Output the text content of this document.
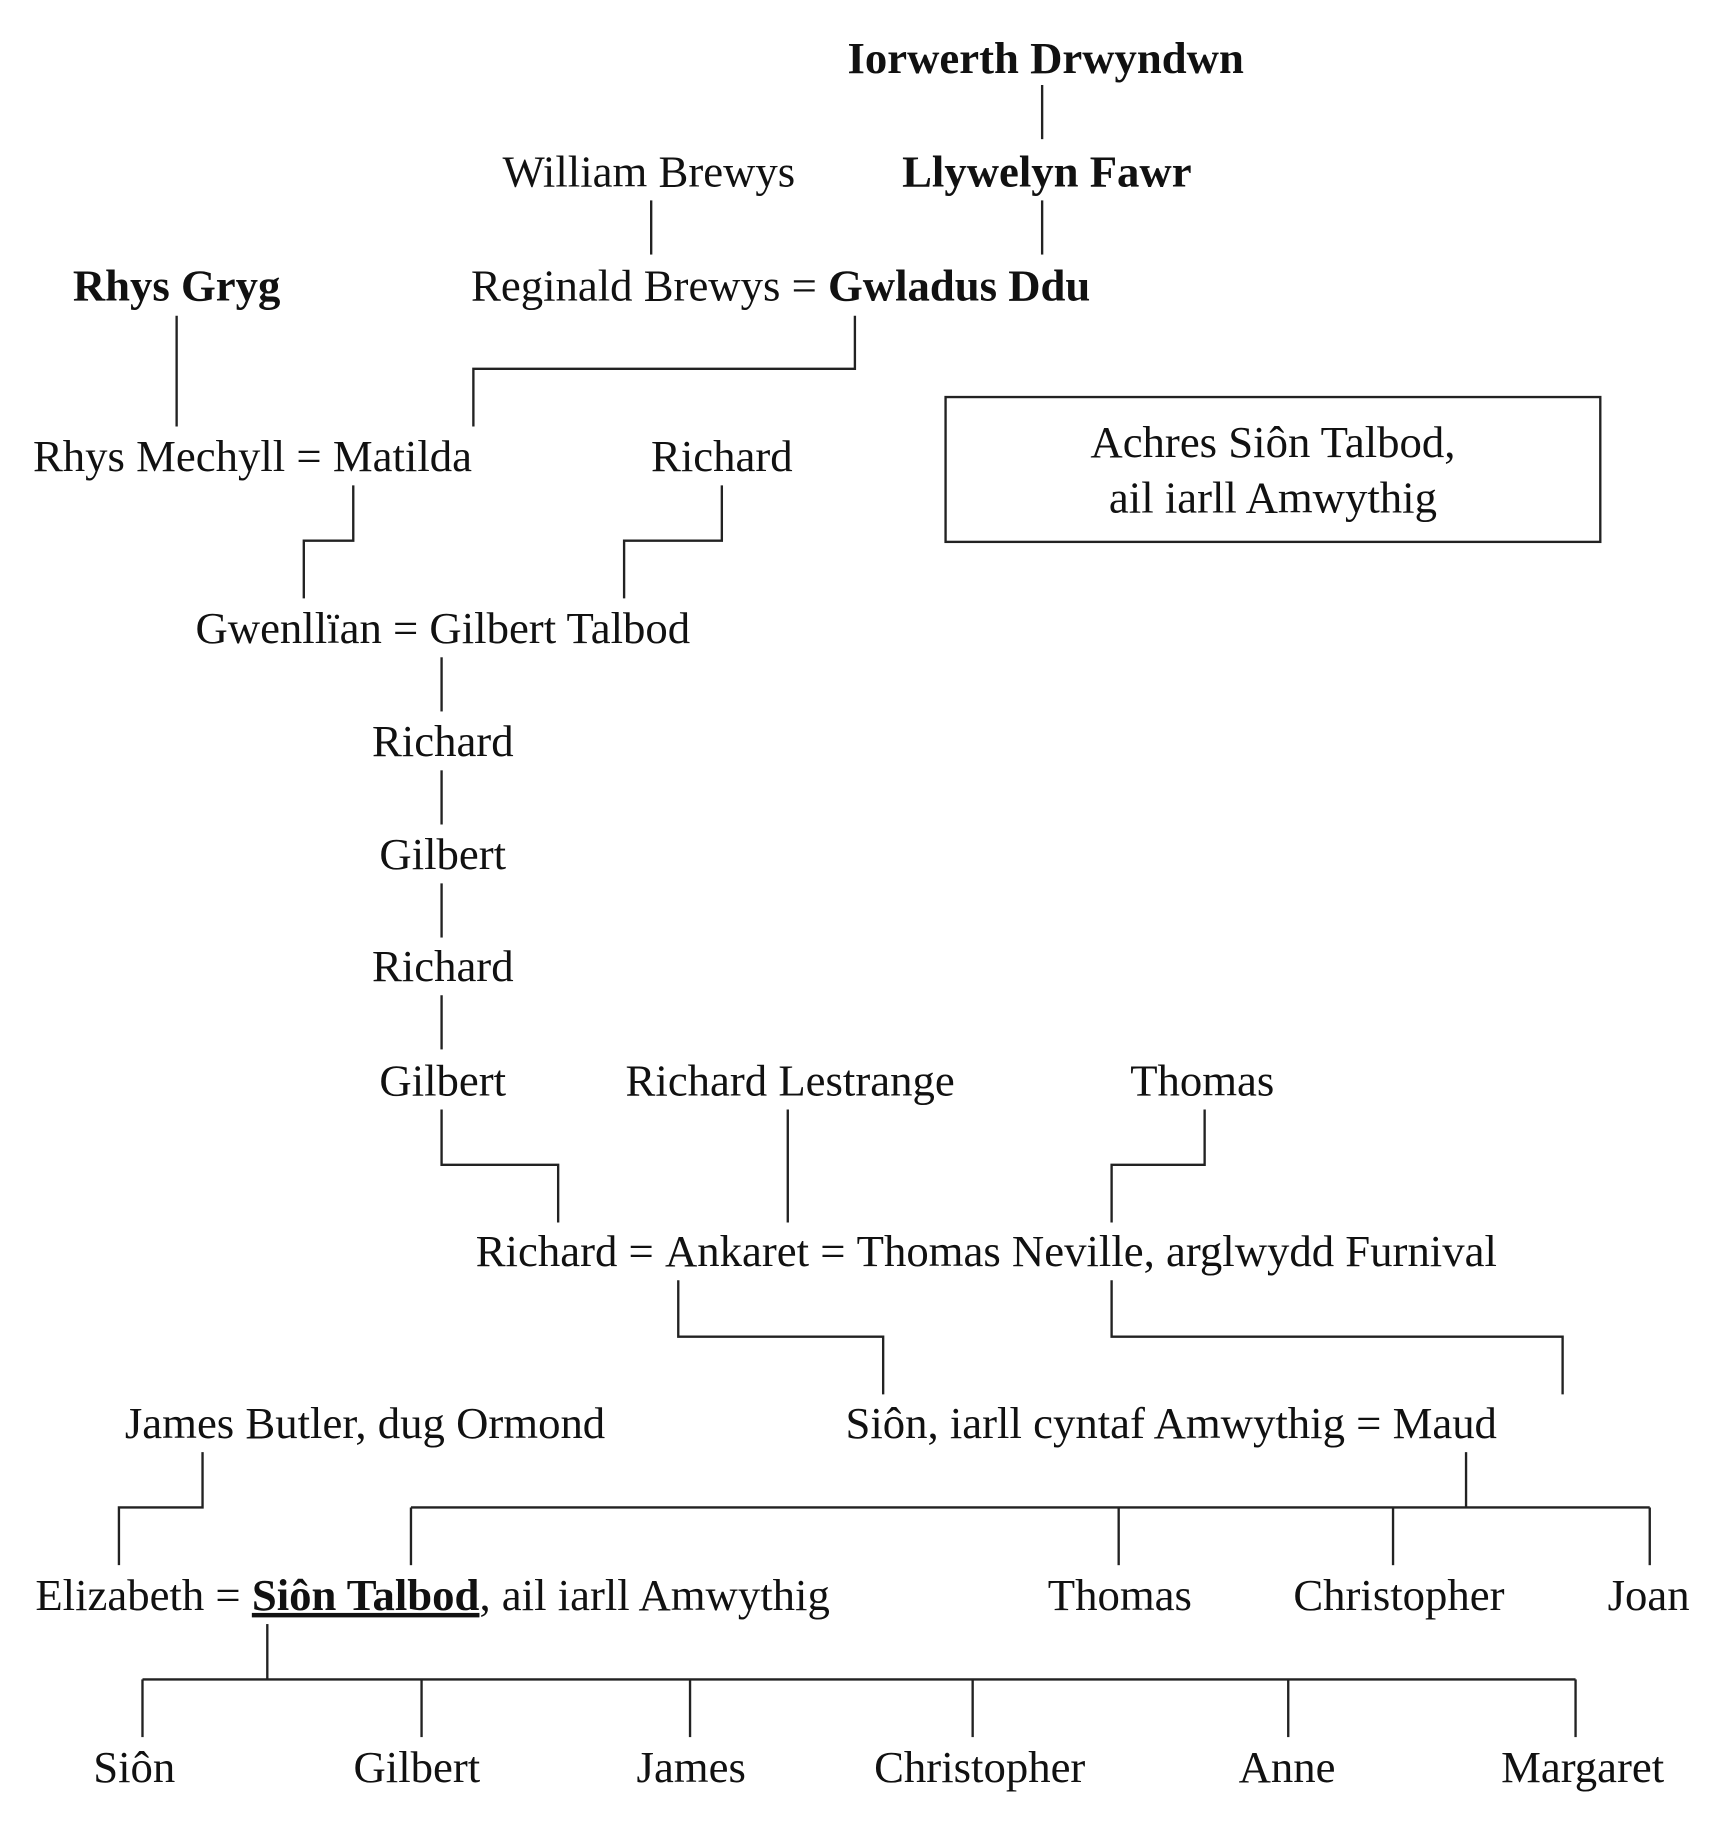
Achres Siôn Talbod,
ail iarll Amwythig
Iorwerth Drwyndwn
William Brewys	Llywelyn Fawr
Rhys Gryg	Reginald Brewys = Gwladus Ddu
Rhys Mechyll = Matilda	Richard
Gwenllïan = Gilbert Talbod
Richard
Gilbert
Richard
Gilbert	Richard Lestrange	Thomas
Richard = Ankaret = Thomas Neville, arglwydd Furnival
James Butler, dug Ormond	Siôn, iarll cyntaf Amwythig = Maud
Elizabeth = Siôn Talbod, ail iarll Amwythig	Thomas	Christopher	Joan
Siôn	Gilbert	James	Christopher	Anne	Margaret
